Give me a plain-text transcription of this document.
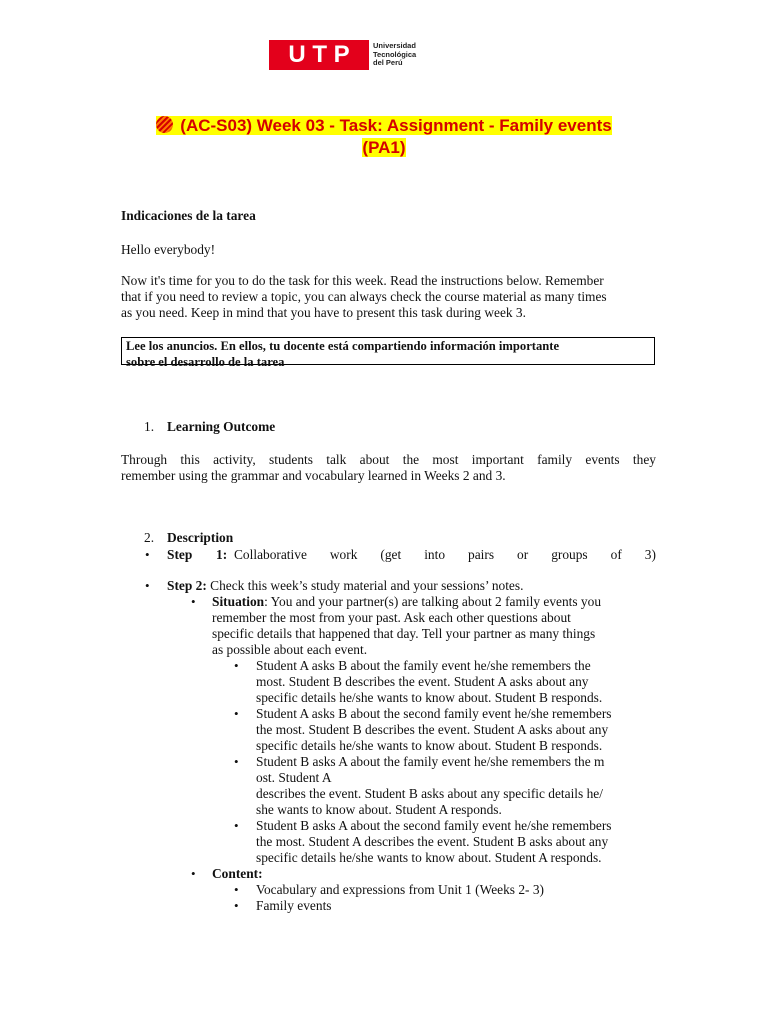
U T P	Universidad
Tecnológica
del Perú
(AC-S03) Week 03 - Task: Assignment - Family events
(PA1)
Indicaciones de la tarea
Hello everybody!
Now it's time for you to do the task for this week. Read the instructions below. Remember
that if you need to review a topic, you can always check the course material as many times
as you need. Keep in mind that you have to present this task during week 3.
Lee los anuncios. En ellos, tu docente está compartiendo información importante
sobre el desarrollo de la tarea
1. Learning Outcome
Through this activity, students talk about the most important family events they
remember using the grammar and vocabulary learned in Weeks 2 and 3.
2. Description
• Step 1: Collaborative work (get into pairs or groups of 3)
• Step 2: Check this week’s study material and your sessions’ notes.
• Situation: You and your partner(s) are talking about 2 family events you
remember the most from your past. Ask each other questions about
specific details that happened that day. Tell your partner as many things
as possible about each event.
• Student A asks B about the family event he/she remembers the
most. Student B describes the event. Student A asks about any
specific details he/she wants to know about. Student B responds.
• Student A asks B about the second family event he/she remembers
the most. Student B describes the event. Student A asks about any
specific details he/she wants to know about. Student B responds.
• Student B asks A about the family event he/she remembers the m
ost. Student A
describes the event. Student B asks about any specific details he/
she wants to know about. Student A responds.
• Student B asks A about the second family event he/she remembers
the most. Student A describes the event. Student B asks about any
specific details he/she wants to know about. Student A responds.
• Content:
• Vocabulary and expressions from Unit 1 (Weeks 2- 3)
• Family events
